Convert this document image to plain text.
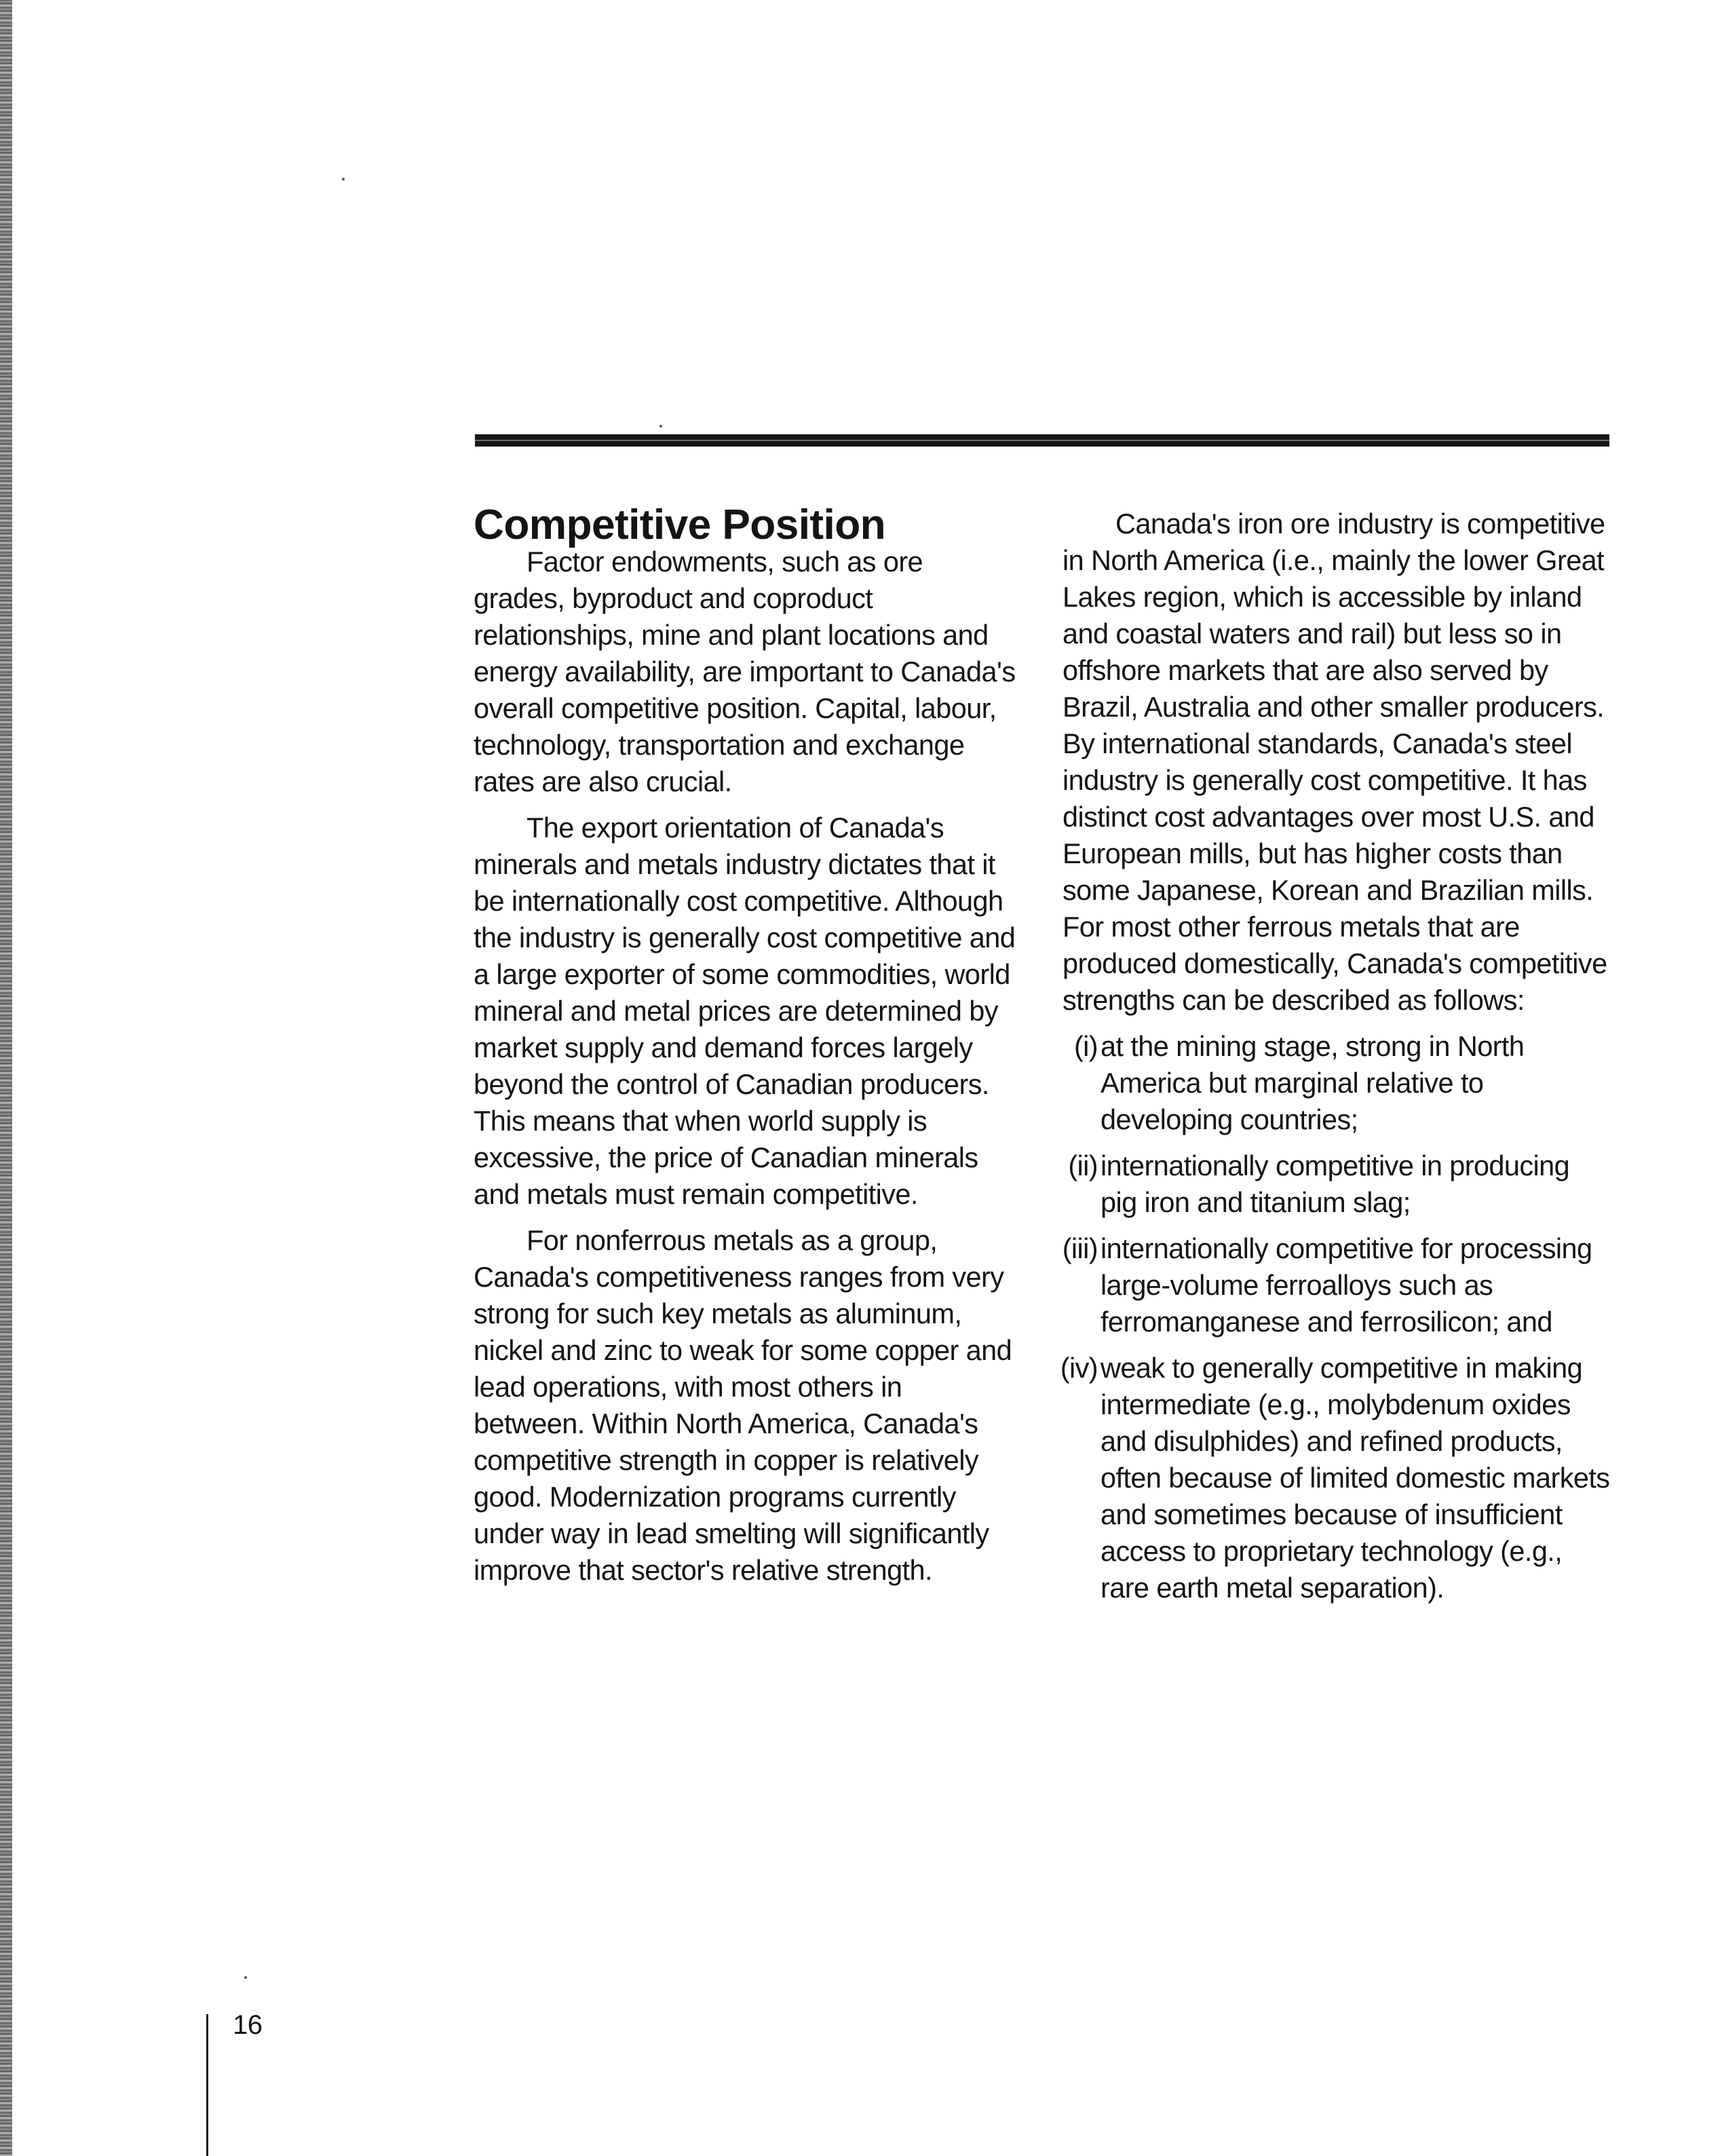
Competitive Position

Factor endowments, such as ore grades, byproduct and coproduct relationships, mine and plant locations and energy availability, are important to Canada's overall competitive position. Capital, labour, technology, transportation and exchange rates are also crucial.

The export orientation of Canada's minerals and metals industry dictates that it be internationally cost competitive. Although the industry is generally cost competitive and a large exporter of some commodities, world mineral and metal prices are determined by market supply and demand forces largely beyond the control of Canadian producers. This means that when world supply is excessive, the price of Canadian minerals and metals must remain competitive.

For nonferrous metals as a group, Canada's competitiveness ranges from very strong for such key metals as aluminum, nickel and zinc to weak for some copper and lead operations, with most others in between. Within North America, Canada's competitive strength in copper is relatively good. Modernization programs currently under way in lead smelting will significantly improve that sector's relative strength.

Canada's iron ore industry is competitive in North America (i.e., mainly the lower Great Lakes region, which is accessible by inland and coastal waters and rail) but less so in offshore markets that are also served by Brazil, Australia and other smaller producers. By international standards, Canada's steel industry is generally cost competitive. It has distinct cost advantages over most U.S. and European mills, but has higher costs than some Japanese, Korean and Brazilian mills. For most other ferrous metals that are produced domestically, Canada's competitive strengths can be described as follows:

(i) at the mining stage, strong in North America but marginal relative to developing countries;
(ii) internationally competitive in producing pig iron and titanium slag;
(iii) internationally competitive for processing large-volume ferroalloys such as ferromanganese and ferrosilicon; and
(iv) weak to generally competitive in making intermediate (e.g., molybdenum oxides and disulphides) and refined products, often because of limited domestic markets and sometimes because of insufficient access to proprietary technology (e.g., rare earth metal separation).
16
